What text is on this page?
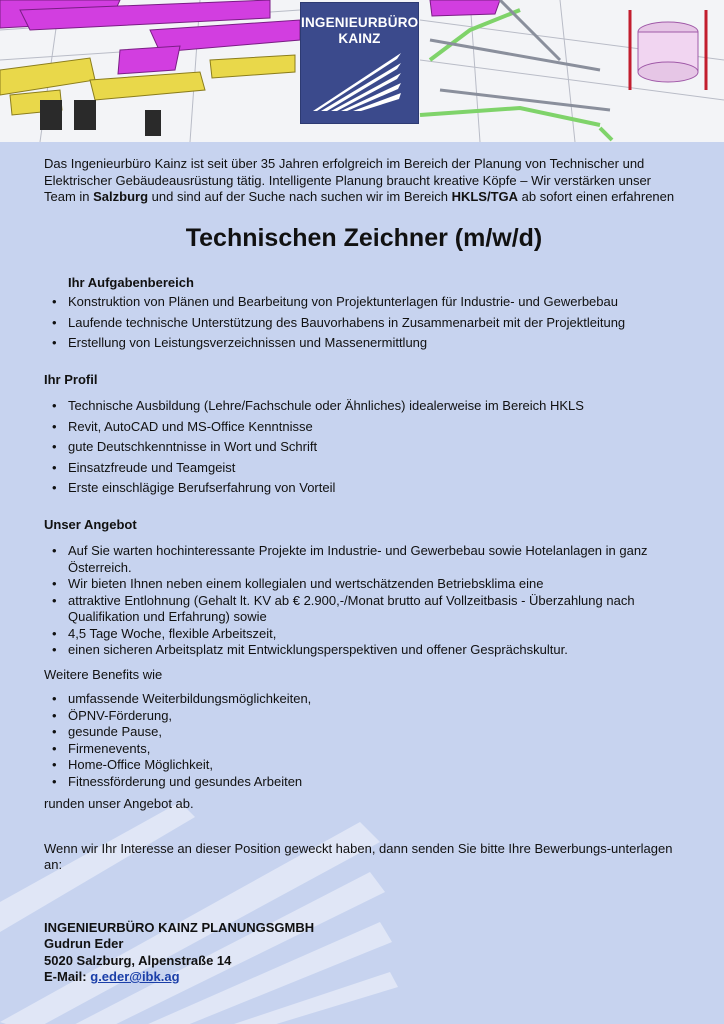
INGENIEURBÜRO
KAINZ

Das Ingenieurbüro Kainz ist seit über 35 Jahren erfolgreich im Bereich der Planung von Technischer und Elektrischer Gebäudeausrüstung tätig. Intelligente Planung braucht kreative Köpfe – Wir verstärken unser Team in Salzburg und sind auf der Suche nach suchen wir im Bereich HKLS/TGA ab sofort einen erfahrenen

Technischen Zeichner (m/w/d)
Ihr Aufgabenbereich
• Konstruktion von Plänen und Bearbeitung von Projektunterlagen für Industrie- und Gewerbebau
• Laufende technische Unterstützung des Bauvorhabens in Zusammenarbeit mit der Projektleitung
• Erstellung von Leistungsverzeichnissen und Massenermittlung
Ihr Profil
• Technische Ausbildung (Lehre/Fachschule oder Ähnliches) idealerweise im Bereich HKLS
• Revit, AutoCAD und MS-Office Kenntnisse
• gute Deutschkenntnisse in Wort und Schrift
• Einsatzfreude und Teamgeist
• Erste einschlägige Berufserfahrung von Vorteil
Unser Angebot
• Auf Sie warten hochinteressante Projekte im Industrie- und Gewerbebau sowie Hotelanlagen in ganz Österreich.
• Wir bieten Ihnen neben einem kollegialen und wertschätzenden Betriebsklima eine
• attraktive Entlohnung (Gehalt lt. KV ab € 2.900,-/Monat brutto auf Vollzeitbasis - Überzahlung nach Qualifikation und Erfahrung) sowie
• 4,5 Tage Woche, flexible Arbeitszeit,
• einen sicheren Arbeitsplatz mit Entwicklungsperspektiven und offener Gesprächskultur.

Weitere Benefits wie

• umfassende Weiterbildungsmöglichkeiten,
• ÖPNV-Förderung,
• gesunde Pause,
• Firmenevents,
• Home-Office Möglichkeit,
• Fitnessförderung und gesundes Arbeiten

runden unser Angebot ab.

Wenn wir Ihr Interesse an dieser Position geweckt haben, dann senden Sie bitte Ihre Bewerbungs-unterlagen an:

INGENIEURBÜRO KAINZ PLANUNGSGMBH

Gudrun Eder

5020 Salzburg, Alpenstraße 14

E-Mail: g.eder@ibk.ag
